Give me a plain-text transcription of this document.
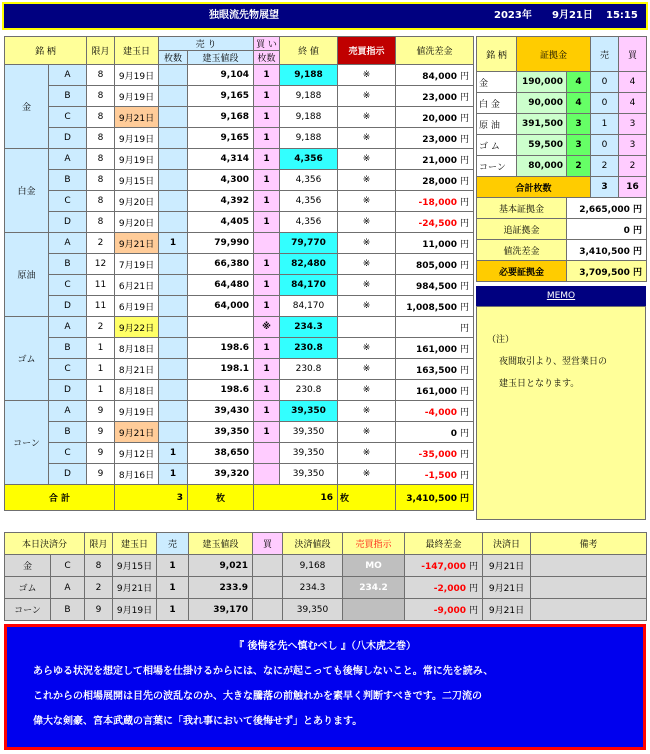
独眼流先物展望	2023年 9月21日 15:15
銘 柄		限月	建玉日	売 り		買 い	終 値	売買指示	値洗差金
				枚数	建玉値段	枚数			
金	A	8	9月19日		9,104	1	9,188	※	84,000 円
	B	8	9月19日		9,165	1	9,188	※	23,000 円
	C	8	9月21日		9,168	1	9,188	※	20,000 円
	D	8	9月19日		9,165	1	9,188	※	23,000 円
白金	A	8	9月19日		4,314	1	4,356	※	21,000 円
	B	8	9月15日		4,300	1	4,356	※	28,000 円
	C	8	9月20日		4,392	1	4,356	※	-18,000 円
	D	8	9月20日		4,405	1	4,356	※	-24,500 円
原油	A	2	9月21日	1	79,990		79,770	※	11,000 円
	B	12	7月19日		66,380	1	82,480	※	805,000 円
	C	11	6月21日		64,480	1	84,170	※	984,500 円
	D	11	6月19日		64,000	1	84,170	※	1,008,500 円
ゴム	A	2	9月22日			※	234.3		円
	B	1	8月18日		198.6	1	230.8	※	161,000 円
	C	1	8月21日		198.1	1	230.8	※	163,500 円
	D	1	8月18日		198.6	1	230.8	※	161,000 円
コーン	A	9	9月19日		39,430	1	39,350	※	-4,000 円
	B	9	9月21日		39,350	1	39,350	※	0 円
	C	9	9月12日	1	38,650		39,350	※	-35,000 円
	D	9	8月16日	1	39,320		39,350	※	-1,500 円
合 計			3		枚	16		枚	3,410,500 円
銘 柄	証拠金		売	買
金	190,000	4	0	4
白 金	90,000	4	0	4
原 油	391,500	3	1	3
ゴ ム	59,500	3	0	3
コーン	80,000	2	2	2
合計枚数			3	16
基本証拠金		2,665,000 円		
追証拠金		0 円		
値洗差金		3,410,500 円		
必要証拠金		3,709,500 円		
MEMO
（注）
夜間取引より、翌営業日の
建玉日となります。
本日決済分		限月	建玉日	売	建玉値段	買	決済値段	売買指示	最終差金	決済日	備考
金	C	8	9月15日	1	9,021		9,168	MO	-147,000 円	9月21日	
ゴム	A	2	9月21日	1	233.9		234.3	234.2	-2,000 円	9月21日	
コーン	B	9	9月19日	1	39,170		39,350		-9,000 円	9月21日	
『 後悔を先へ慎むべし 』（八木虎之巻）
あらゆる状況を想定して相場を仕掛けるからには、なにが起こっても後悔しないこと。常に先を読み、
これからの相場展開は目先の波乱なのか、大きな騰落の前触れかを素早く判断すべきです。二刀流の
偉大な剣豪、宮本武蔵の言葉に「我れ事において後悔せず」とあります。
